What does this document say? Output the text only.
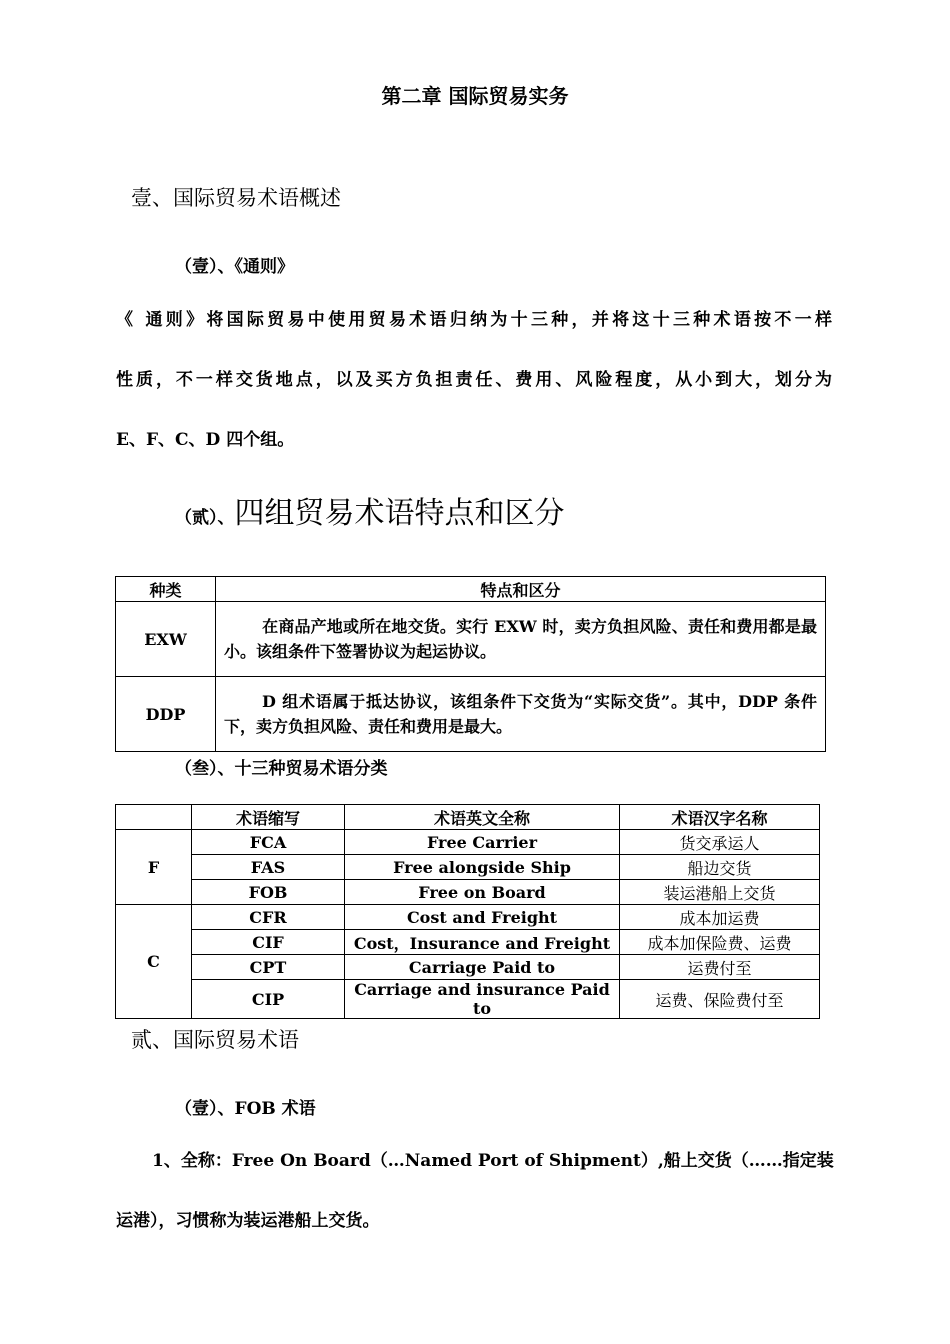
第二章 国际贸易实务
壹、国际贸易术语概述
（壹）、《通则》
《 通则》将国际贸易中使用贸易术语归纳为十三种，并将这十三种术语按不一样
性质，不一样交货地点，以及买方负担责任、费用、风险程度，从小到大，划分为
E、F、C、D 四个组。
（贰）、四组贸易术语特点和区分
种类	特点和区分
EXW	在商品产地或所在地交货。实行 EXW 时，卖方负担风险、责任和费用都是最小。该组条件下签署协议为起运协议。
DDP	D 组术语属于抵达协议，该组条件下交货为“实际交货”。其中，DDP 条件下，卖方负担风险、责任和费用是最大。
（叁）、十三种贸易术语分类
	术语缩写	术语英文全称	术语汉字名称
F	FCA	Free Carrier	货交承运人
	FAS	Free alongside Ship	船边交货
	FOB	Free on Board	装运港船上交货
C	CFR	Cost and Freight	成本加运费
	CIF	Cost，Insurance and Freight	成本加保险费、运费
	CPT	Carriage Paid to	运费付至
	CIP	Carriage and insurance Paid to	运费、保险费付至
贰、国际贸易术语
（壹）、FOB 术语
1、全称：Free On Board（…Named Port of Shipment）,船上交货（……指定装
运港），习惯称为装运港船上交货。
